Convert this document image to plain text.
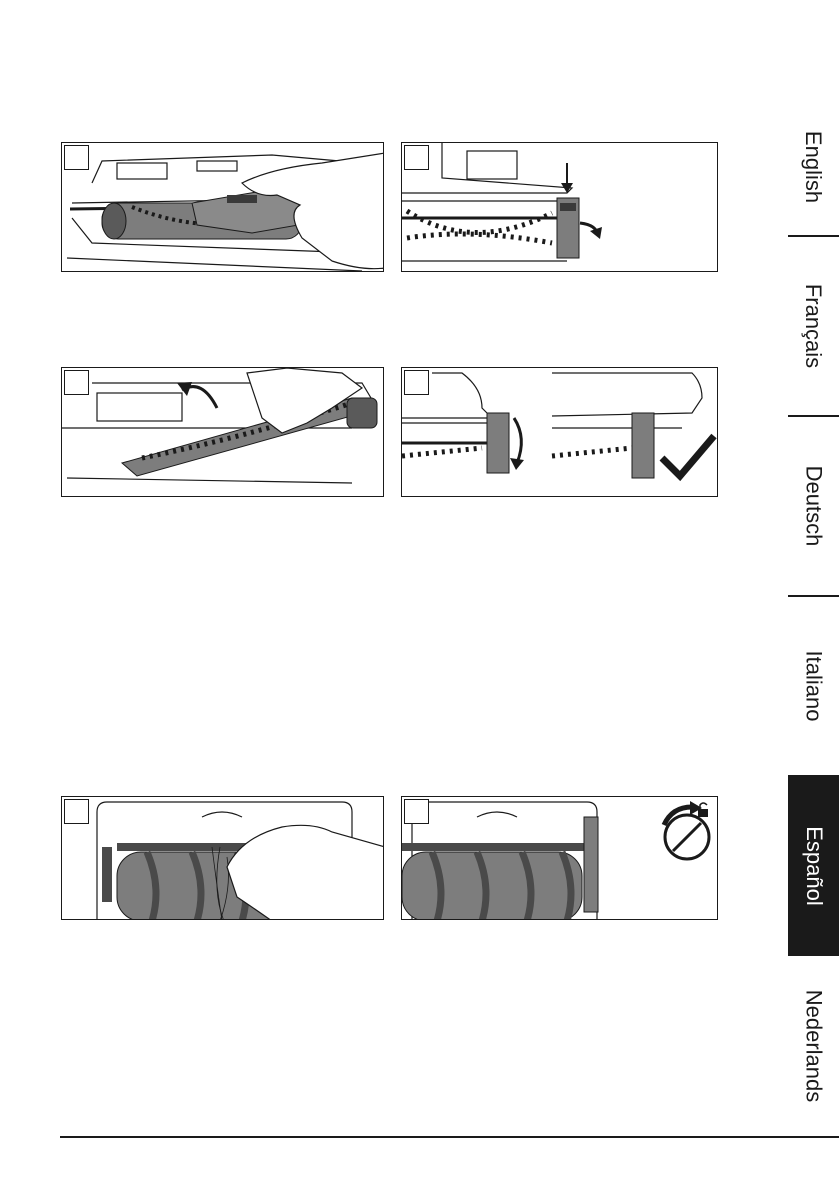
English
Français
Deutsch
Italiano
Español
Nederlands
